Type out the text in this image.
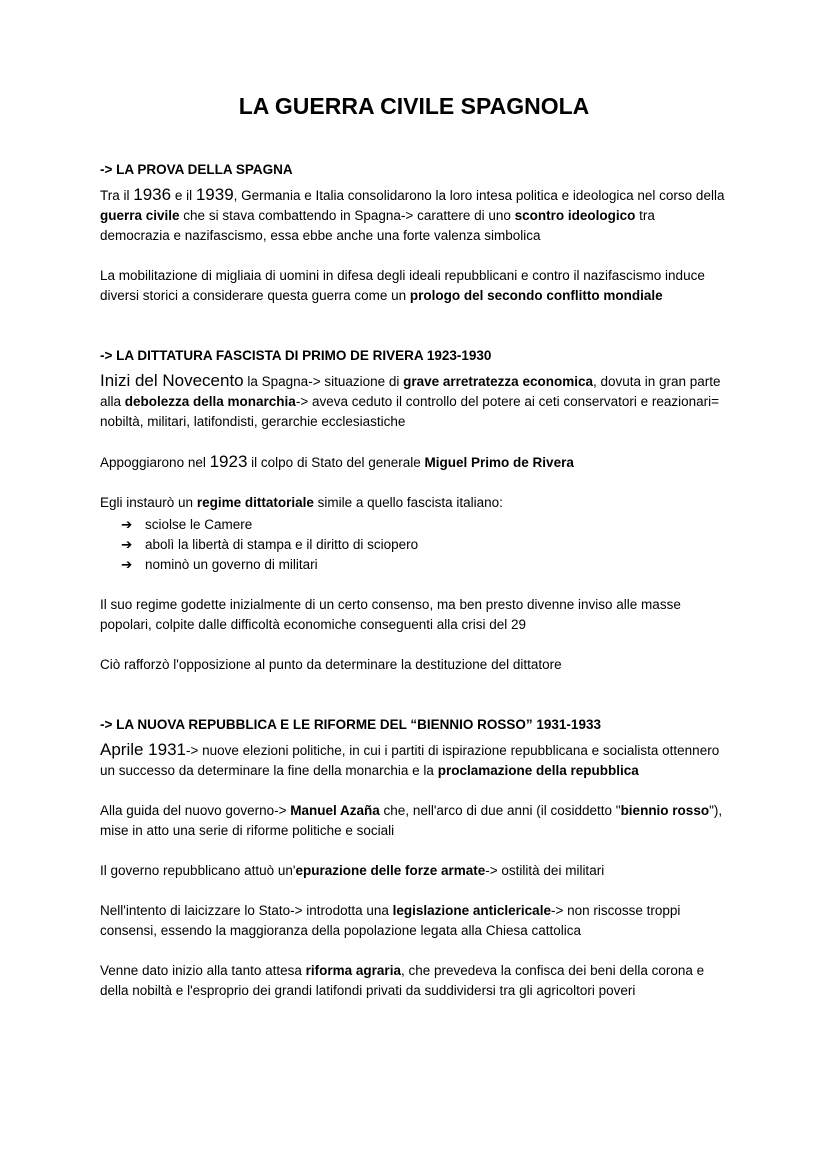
LA GUERRA CIVILE SPAGNOLA
-> LA PROVA DELLA SPAGNA
Tra il 1936 e il 1939, Germania e Italia consolidarono la loro intesa politica e ideologica nel corso della guerra civile che si stava combattendo in Spagna-> carattere di uno scontro ideologico tra democrazia e nazifascismo, essa ebbe anche una forte valenza simbolica
La mobilitazione di migliaia di uomini in difesa degli ideali repubblicani e contro il nazifascismo induce diversi storici a considerare questa guerra come un prologo del secondo conflitto mondiale
-> LA DITTATURA FASCISTA DI PRIMO DE RIVERA 1923-1930
Inizi del Novecento la Spagna-> situazione di grave arretratezza economica, dovuta in gran parte alla debolezza della monarchia-> aveva ceduto il controllo del potere ai ceti conservatori e reazionari= nobiltà, militari, latifondisti, gerarchie ecclesiastiche
Appoggiarono nel 1923 il colpo di Stato del generale Miguel Primo de Rivera
Egli instaurò un regime dittatoriale simile a quello fascista italiano:
➔ sciolse le Camere
➔ abolì la libertà di stampa e il diritto di sciopero
➔ nominò un governo di militari
Il suo regime godette inizialmente di un certo consenso, ma ben presto divenne inviso alle masse popolari, colpite dalle difficoltà economiche conseguenti alla crisi del 29
Ciò rafforzò l'opposizione al punto da determinare la destituzione del dittatore
-> LA NUOVA REPUBBLICA E LE RIFORME DEL “BIENNIO ROSSO” 1931-1933
Aprile 1931-> nuove elezioni politiche, in cui i partiti di ispirazione repubblicana e socialista ottennero un successo da determinare la fine della monarchia e la proclamazione della repubblica
Alla guida del nuovo governo-> Manuel Azaña che, nell'arco di due anni (il cosiddetto "biennio rosso"), mise in atto una serie di riforme politiche e sociali
Il governo repubblicano attuò un'epurazione delle forze armate-> ostilità dei militari
Nell'intento di laicizzare lo Stato-> introdotta una legislazione anticlericale-> non riscosse troppi consensi, essendo la maggioranza della popolazione legata alla Chiesa cattolica
Venne dato inizio alla tanto attesa riforma agraria, che prevedeva la confisca dei beni della corona e della nobiltà e l'esproprio dei grandi latifondi privati da suddividersi tra gli agricoltori poveri
